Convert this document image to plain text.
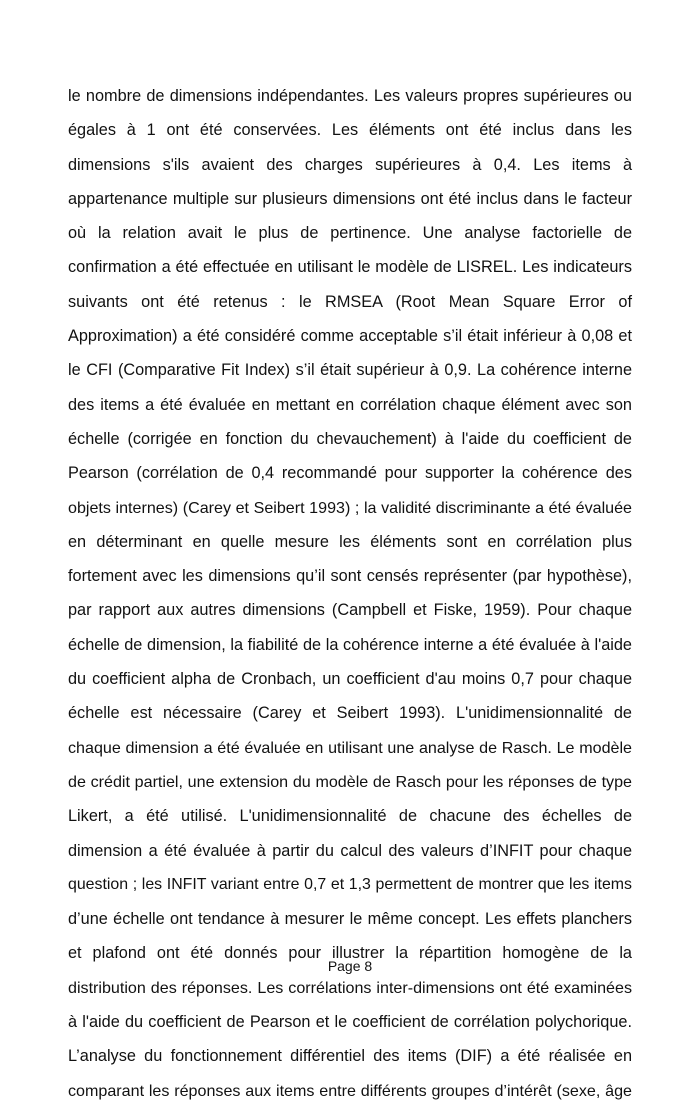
le nombre de dimensions indépendantes. Les valeurs propres supérieures ou
égales à 1 ont été conservées. Les éléments ont été inclus dans les
dimensions s'ils avaient des charges supérieures à 0,4. Les items à
appartenance multiple sur plusieurs dimensions ont été inclus dans le facteur
où la relation avait le plus de pertinence. Une analyse factorielle de
confirmation a été effectuée en utilisant le modèle de LISREL. Les indicateurs
suivants ont été retenus : le RMSEA (Root Mean Square Error of
Approximation) a été considéré comme acceptable s’il était inférieur à 0,08 et
le CFI (Comparative Fit Index) s’il était supérieur à 0,9. La cohérence interne
des items a été évaluée en mettant en corrélation chaque élément avec son
échelle (corrigée en fonction du chevauchement) à l'aide du coefficient de
Pearson (corrélation de 0,4 recommandé pour supporter la cohérence des
objets internes) (Carey et Seibert 1993) ; la validité discriminante a été évaluée
en déterminant en quelle mesure les éléments sont en corrélation plus
fortement avec les dimensions qu’il sont censés représenter (par hypothèse),
par rapport aux autres dimensions (Campbell et Fiske, 1959). Pour chaque
échelle de dimension, la fiabilité de la cohérence interne a été évaluée à l'aide
du coefficient alpha de Cronbach, un coefficient d'au moins 0,7 pour chaque
échelle est nécessaire (Carey et Seibert 1993). L'unidimensionnalité de
chaque dimension a été évaluée en utilisant une analyse de Rasch. Le modèle
de crédit partiel, une extension du modèle de Rasch pour les réponses de type
Likert, a été utilisé. L'unidimensionnalité de chacune des échelles de
dimension a été évaluée à partir du calcul des valeurs d’INFIT pour chaque
question ; les INFIT variant entre 0,7 et 1,3 permettent de montrer que les items
d’une échelle ont tendance à mesurer le même concept. Les effets planchers
et plafond ont été donnés pour illustrer la répartition homogène de la
distribution des réponses. Les corrélations inter-dimensions ont été examinées
à l'aide du coefficient de Pearson et le coefficient de corrélation polychorique.
L’analyse du fonctionnement différentiel des items (DIF) a été réalisée en
comparant les réponses aux items entre différents groupes d’intérêt (sexe, âge
Page 8
